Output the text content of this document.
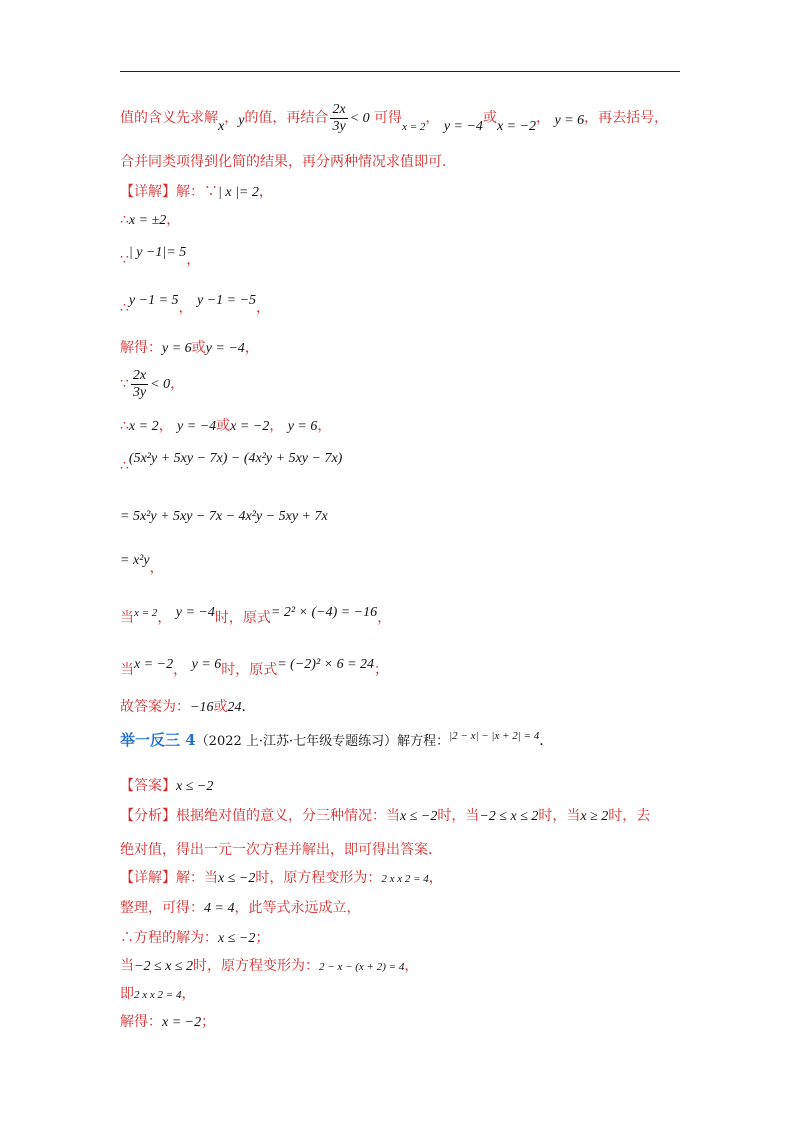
值的含义先求解x，y的值，再结合 $\frac{2x}{3y} < 0$ 可得$_{x = 2}$， y = −4或x = −2， y = 6，再去括号，
合并同类项得到化简的结果，再分两种情况求值即可．
【详解】解：∵| x |= 2，
∴x = ±2，
∵| y −1|= 5，
∴y −1 = 5， y −1 = −5，
解得：y = 6或y = −4，
∵ $\frac{2x}{3y} < 0$，
∴x = 2， y = −4或x = −2， y = 6，
∴(5x²y + 5xy − 7x) − (4x²y + 5xy − 7x)
= 5x²y + 5xy − 7x − 4x²y − 5xy + 7x
= x²y，
当x = 2， y = −4时，原式= 2² × (−4) = −16，
当x = −2， y = 6时，原式= (−2)² × 6 = 24；
故答案为：−16或24．
举一反三 4（2022 上·江苏·七年级专题练习）解方程：$^{|2 - x| - |x + 2| = 4}$．
【答案】x ≤ −2
【分析】根据绝对值的意义，分三种情况：当x ≤ −2时，当−2 ≤ x ≤ 2时，当x ≥ 2时，去
绝对值，得出一元一次方程并解出，即可得出答案．
【详解】解：当x ≤ −2时，原方程变形为：2 x x 2 = 4，
整理，可得：4 = 4，此等式永远成立，
∴方程的解为：x ≤ −2；
当−2 ≤ x ≤ 2时，原方程变形为：2 − x − (x + 2) = 4，
即2 x x 2 = 4，
解得：x = −2；
